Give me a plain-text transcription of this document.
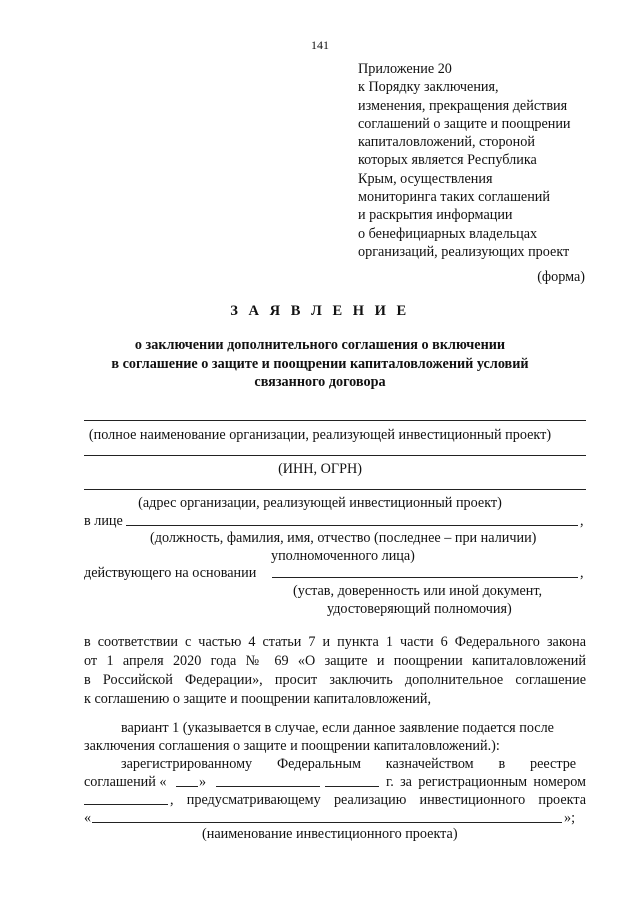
141
Приложение 20
к Порядку заключения,
изменения, прекращения действия
соглашений о защите и поощрении
капиталовложений, стороной
которых является Республика
Крым, осуществления
мониторинга таких соглашений
и раскрытия информации
о бенефициарных владельцах
организаций, реализующих проект
(форма)
З А Я В Л Е Н И Е
о заключении дополнительного соглашения о включении
в соглашение о защите и поощрении капиталовложений условий
связанного договора
(полное наименование организации, реализующей инвестиционный проект)
(ИНН, ОГРН)
(адрес организации, реализующей инвестиционный проект)
в лице	,
(должность, фамилия, имя, отчество (последнее – при наличии)
уполномоченного лица)
действующего на основании	,
(устав, доверенность или иной документ,
удостоверяющий полномочия)
в соответствии с частью 4 статьи 7 и пункта 1 части 6 Федерального закона
от 1 апреля 2020 года № 69 «О защите и поощрении капиталовложений
в Российской Федерации», просит заключить дополнительное соглашение
к соглашению о защите и поощрении капиталовложений,
вариант 1 (указывается в случае, если данное заявление подается после
заключения соглашения о защите и поощрении капиталовложений.):
зарегистрированному       Федеральным       казначейством       в       реестре
соглашений « »	г. за регистрационным номером
, предусматривающему реализацию инвестиционного проекта
«	»;
(наименование инвестиционного проекта)
